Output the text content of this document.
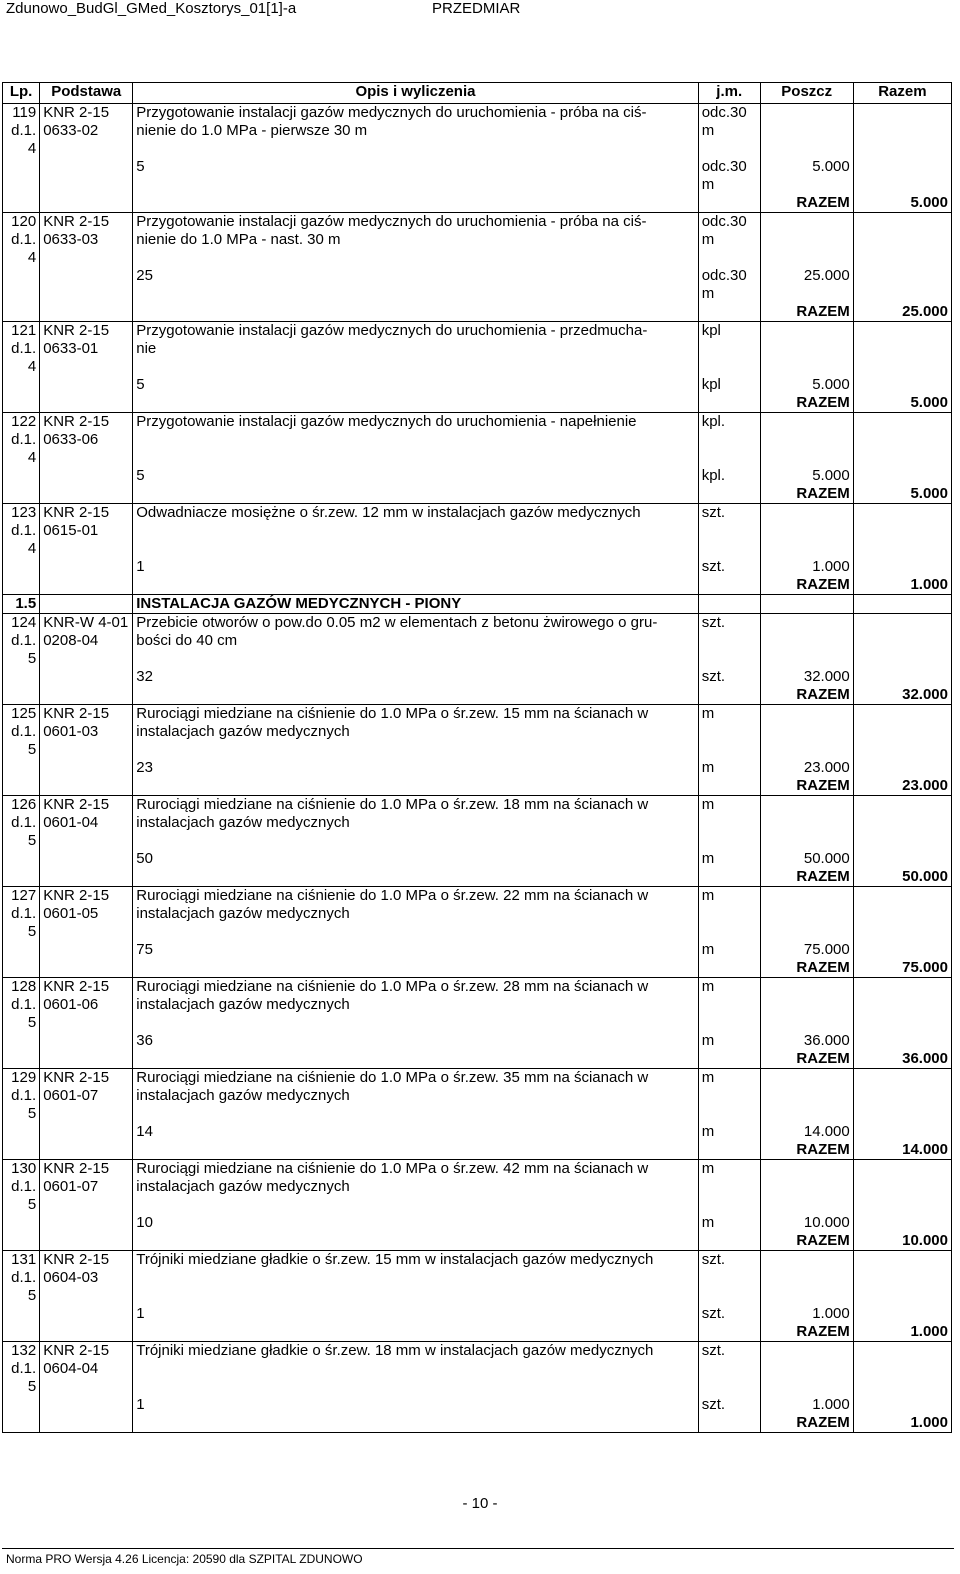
Zdunowo_BudGl_GMed_Kosztorys_01[1]-a	PRZEDMIAR
Lp.	Podstawa	Opis i wyliczenia	j.m.	Poszcz	Razem
119	KNR 2-15	Przygotowanie instalacji gazów medycznych do uruchomienia - próba na ciś-	odc.30		
d.1.	0633-02	nienie do 1.0 MPa - pierwsze 30 m	m		
4					
		5	odc.30	5.000	
			m		
				RAZEM	5.000
120	KNR 2-15	Przygotowanie instalacji gazów medycznych do uruchomienia - próba na ciś-	odc.30		
d.1.	0633-03	nienie do 1.0 MPa - nast. 30 m	m		
4					
		25	odc.30	25.000	
			m		
				RAZEM	25.000
121	KNR 2-15	Przygotowanie instalacji gazów medycznych do uruchomienia - przedmucha-	kpl		
d.1.	0633-01	nie			
4					
		5	kpl	5.000	
				RAZEM	5.000
122	KNR 2-15	Przygotowanie instalacji gazów medycznych do uruchomienia - napełnienie	kpl.		
d.1.	0633-06				
4					
		5	kpl.	5.000	
				RAZEM	5.000
123	KNR 2-15	Odwadniacze mosiężne o śr.zew. 12 mm w instalacjach gazów medycznych	szt.		
d.1.	0615-01				
4					
		1	szt.	1.000	
				RAZEM	1.000
1.5		INSTALACJA GAZÓW MEDYCZNYCH - PIONY			
124	KNR-W 4-01	Przebicie otworów o pow.do 0.05 m2 w elementach z betonu żwirowego o gru-	szt.		
d.1.	0208-04	bości do 40 cm			
5					
		32	szt.	32.000	
				RAZEM	32.000
125	KNR 2-15	Rurociągi miedziane na ciśnienie do 1.0 MPa o śr.zew. 15 mm na ścianach w	m		
d.1.	0601-03	instalacjach gazów medycznych			
5					
		23	m	23.000	
				RAZEM	23.000
126	KNR 2-15	Rurociągi miedziane na ciśnienie do 1.0 MPa o śr.zew. 18 mm na ścianach w	m		
d.1.	0601-04	instalacjach gazów medycznych			
5					
		50	m	50.000	
				RAZEM	50.000
127	KNR 2-15	Rurociągi miedziane na ciśnienie do 1.0 MPa o śr.zew. 22 mm na ścianach w	m		
d.1.	0601-05	instalacjach gazów medycznych			
5					
		75	m	75.000	
				RAZEM	75.000
128	KNR 2-15	Rurociągi miedziane na ciśnienie do 1.0 MPa o śr.zew. 28 mm na ścianach w	m		
d.1.	0601-06	instalacjach gazów medycznych			
5					
		36	m	36.000	
				RAZEM	36.000
129	KNR 2-15	Rurociągi miedziane na ciśnienie do 1.0 MPa o śr.zew. 35 mm na ścianach w	m		
d.1.	0601-07	instalacjach gazów medycznych			
5					
		14	m	14.000	
				RAZEM	14.000
130	KNR 2-15	Rurociągi miedziane na ciśnienie do 1.0 MPa o śr.zew. 42 mm na ścianach w	m		
d.1.	0601-07	instalacjach gazów medycznych			
5					
		10	m	10.000	
				RAZEM	10.000
131	KNR 2-15	Trójniki miedziane gładkie o śr.zew. 15 mm w instalacjach gazów medycznych	szt.		
d.1.	0604-03				
5					
		1	szt.	1.000	
				RAZEM	1.000
132	KNR 2-15	Trójniki miedziane gładkie o śr.zew. 18 mm w instalacjach gazów medycznych	szt.		
d.1.	0604-04				
5					
		1	szt.	1.000	
				RAZEM	1.000
- 10 -
Norma PRO Wersja 4.26 Licencja: 20590 dla SZPITAL ZDUNOWO
